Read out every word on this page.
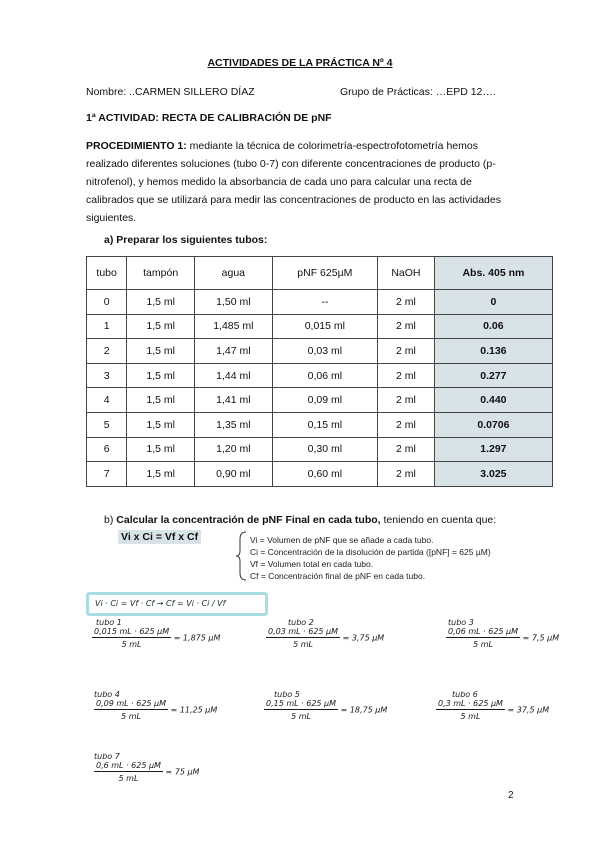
ACTIVIDADES DE LA PRÁCTICA Nº 4
Nombre: ..CARMEN SILLERO DÍAZ	Grupo de Prácticas: …EPD 12….
1ª ACTIVIDAD: RECTA DE CALIBRACIÓN DE pNF
PROCEDIMIENTO 1: mediante la técnica de colorimetría-espectrofotometría hemos realizado diferentes soluciones (tubo 0-7) con diferente concentraciones de producto (p-nitrofenol), y hemos medido la absorbancia de cada uno para calcular una recta de calibrados que se utilizará para medir las concentraciones de producto en las actividades siguientes.
a) Preparar los siguientes tubos:
tubo	tampón	agua	pNF 625µM	NaOH	Abs. 405 nm
0	1,5 ml	1,50 ml	--	2 ml	0
1	1,5 ml	1,485 ml	0,015 ml	2 ml	0.06
2	1,5 ml	1,47 ml	0,03 ml	2 ml	0.136
3	1,5 ml	1,44 ml	0,06 ml	2 ml	0.277
4	1,5 ml	1,41 ml	0,09 ml	2 ml	0.440
5	1,5 ml	1,35 ml	0,15 ml	2 ml	0.0706
6	1,5 ml	1,20 ml	0,30 ml	2 ml	1.297
7	1,5 ml	0,90 ml	0,60 ml	2 ml	3.025
b) Calcular la concentración de pNF Final en cada tubo, teniendo en cuenta que:
Vi x Ci = Vf x Cf	Vi = Volumen de pNF que se añade a cada tubo.
Ci = Concentración de la disolución de partida ([pNF] = 625 µM)
Vf = Volumen total en cada tubo.
Cf = Concentración final de pNF en cada tubo.
Vi · Ci = Vf · Cf → Cf = Vi · Ci / Vf
tubo 1
$\frac{\text{0,015 mL · 625 µM}}{5 mL} = 1,875$ µM
tubo 2
$\frac{\text{0,03 mL · 625 µM}}{5 mL} = 3,75$ µM
tubo 3
$\frac{\text{0,06 mL · 625 µM}}{5 mL} = 7,5$ µM
tubo 4
$\frac{\text{0,09 mL · 625 µM}}{5 mL} = 11,25$ µM
tubo 5
$\frac{\text{0,15 mL · 625 µM}}{5 mL} = 18,75$ µM
tubo 6
$\frac{\text{0,3 mL · 625 µM}}{5 mL} = 37,5$ µM
tubo 7
$\frac{\text{0,6 mL · 625 µM}}{5 mL} = 75$ µM
2
